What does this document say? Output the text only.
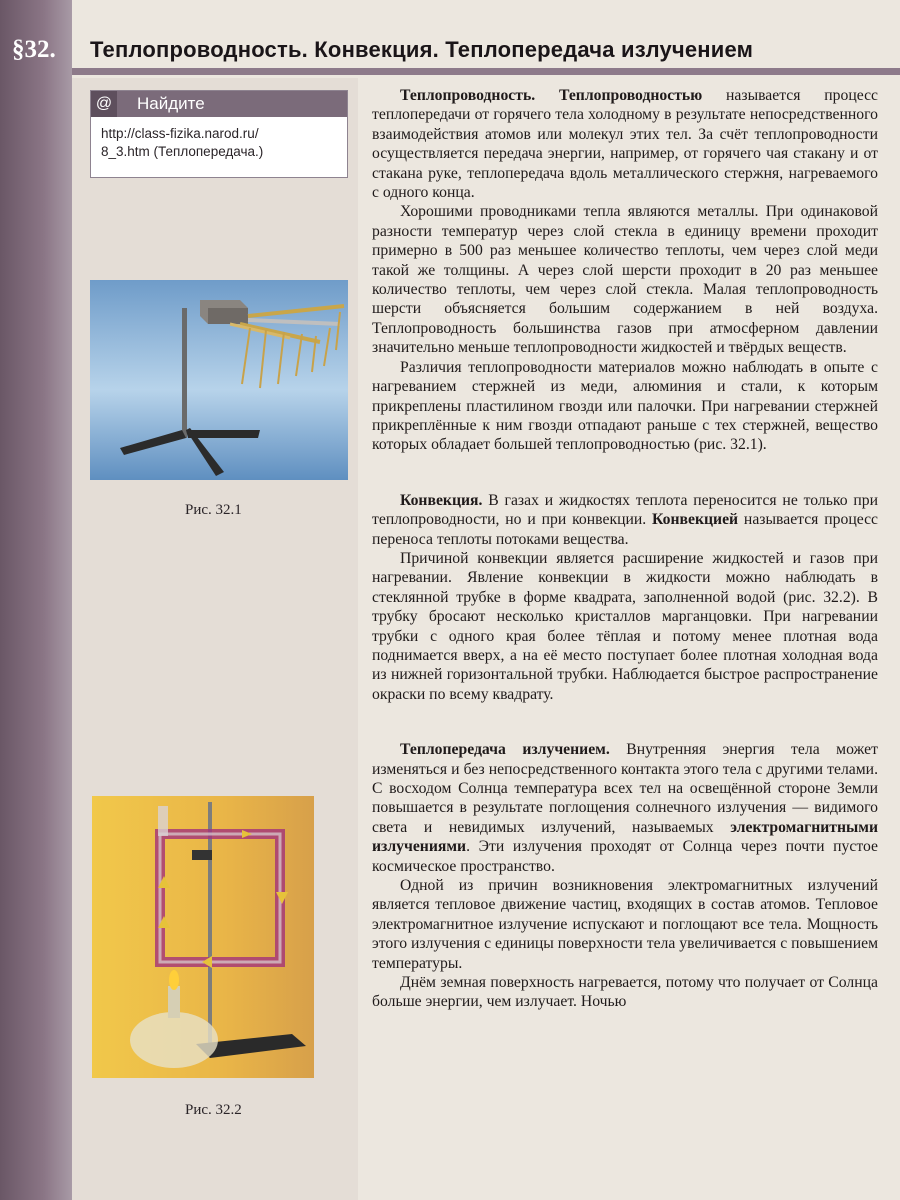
§32.	Теплопроводность. Конвекция. Теплопередача излучением
@ Найдите
http://class-fizika.narod.ru/
8_3.htm (Теплопередача.)
Рис. 32.1
Рис. 32.2

Теплопроводность. Теплопроводностью называется процесс теплопередачи от горячего тела холодному в результате непосредственного взаимодействия атомов или молекул этих тел. За счёт теплопроводности осуществляется передача энергии, например, от горячего чая стакану и от стакана руке, теплопередача вдоль металлического стержня, нагреваемого с одного конца.

Хорошими проводниками тепла являются металлы. При одинаковой разности температур через слой стекла в единицу времени проходит примерно в 500 раз меньшее количество теплоты, чем через слой меди такой же толщины. А через слой шерсти проходит в 20 раз меньшее количество теплоты, чем через слой стекла. Малая теплопроводность шерсти объясняется большим содержанием в ней воздуха. Теплопроводность большинства газов при атмосферном давлении значительно меньше теплопроводности жидкостей и твёрдых веществ.

Различия теплопроводности материалов можно наблюдать в опыте с нагреванием стержней из меди, алюминия и стали, к которым прикреплены пластилином гвозди или палочки. При нагревании стержней прикреплённые к ним гвозди отпадают раньше с тех стержней, вещество которых обладает большей теплопроводностью (рис. 32.1).

Конвекция. В газах и жидкостях теплота переносится не только при теплопроводности, но и при конвекции. Конвекцией называется процесс переноса теплоты потоками вещества.

Причиной конвекции является расширение жидкостей и газов при нагревании. Явление конвекции в жидкости можно наблюдать в стеклянной трубке в форме квадрата, заполненной водой (рис. 32.2). В трубку бросают несколько кристаллов марганцовки. При нагревании трубки с одного края более тёплая и потому менее плотная вода поднимается вверх, а на её место поступает более плотная холодная вода из нижней горизонтальной трубки. Наблюдается быстрое распространение окраски по всему квадрату.

Теплопередача излучением. Внутренняя энергия тела может изменяться и без непосредственного контакта этого тела с другими телами. С восходом Солнца температура всех тел на освещённой стороне Земли повышается в результате поглощения солнечного излучения — видимого света и невидимых излучений, называемых электромагнитными излучениями. Эти излучения проходят от Солнца через почти пустое космическое пространство.

Одной из причин возникновения электромагнитных излучений является тепловое движение частиц, входящих в состав атомов. Тепловое электромагнитное излучение испускают и поглощают все тела. Мощность этого излучения с единицы поверхности тела увеличивается с повышением температуры.

Днём земная поверхность нагревается, потому что получает от Солнца больше энергии, чем излучает. Ночью
